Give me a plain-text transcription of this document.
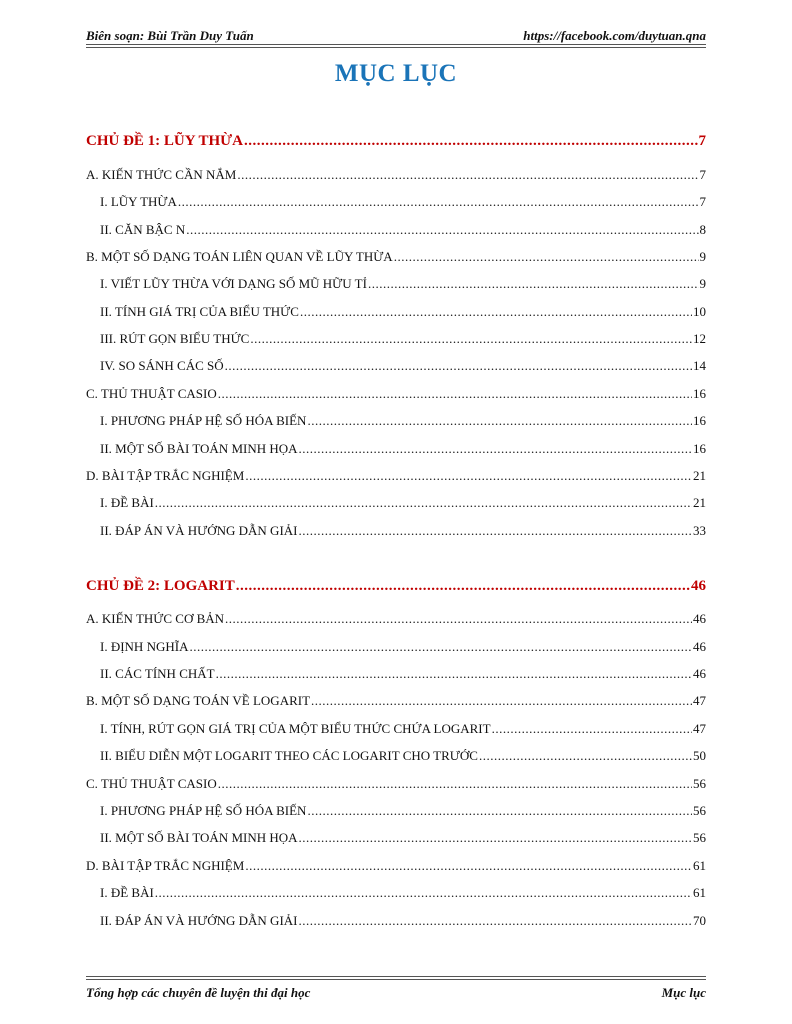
Biên soạn: Bùi Trần Duy Tuấn	https://facebook.com/duytuan.qna
MỤC LỤC
CHỦ ĐỀ 1: LŨY THỪA .....	7
A. KIẾN THỨC CẦN NẮM .....	7
I. LŨY THỪA .....	7
II. CĂN BẬC N .....	8
B. MỘT SỐ DẠNG TOÁN LIÊN QUAN VỀ LŨY THỪA .....	9
I. VIẾT LŨY THỪA VỚI DẠNG SỐ MŨ HỮU TỈ .....	9
II. TÍNH GIÁ TRỊ CỦA BIỂU THỨC .....	10
III. RÚT GỌN BIỂU THỨC .....	12
IV. SO SÁNH CÁC SỐ .....	14
C. THỦ THUẬT CASIO .....	16
I. PHƯƠNG PHÁP HỆ SỐ HÓA BIẾN .....	16
II. MỘT SỐ BÀI TOÁN MINH HỌA .....	16
D. BÀI TẬP TRẮC NGHIỆM .....	21
I. ĐỀ BÀI .....	21
II. ĐÁP ÁN VÀ HƯỚNG DẪN GIẢI .....	33
CHỦ ĐỀ 2: LOGARIT .....	46
A. KIẾN THỨC CƠ BẢN .....	46
I. ĐỊNH NGHĨA .....	46
II. CÁC TÍNH CHẤT .....	46
B. MỘT SỐ DẠNG TOÁN VỀ LOGARIT .....	47
I. TÍNH, RÚT GỌN GIÁ TRỊ CỦA MỘT BIỂU THỨC CHỨA LOGARIT .....	47
II. BIỂU DIỄN MỘT LOGARIT THEO CÁC LOGARIT CHO TRƯỚC .....	50
C. THỦ THUẬT CASIO .....	56
I. PHƯƠNG PHÁP HỆ SỐ HÓA BIẾN .....	56
II. MỘT SỐ BÀI TOÁN MINH HỌA .....	56
D. BÀI TẬP TRẮC NGHIỆM .....	61
I. ĐỀ BÀI .....	61
II. ĐÁP ÁN VÀ HƯỚNG DẪN GIẢI .....	70
Tổng hợp các chuyên đề luyện thi đại học	Mục lục
